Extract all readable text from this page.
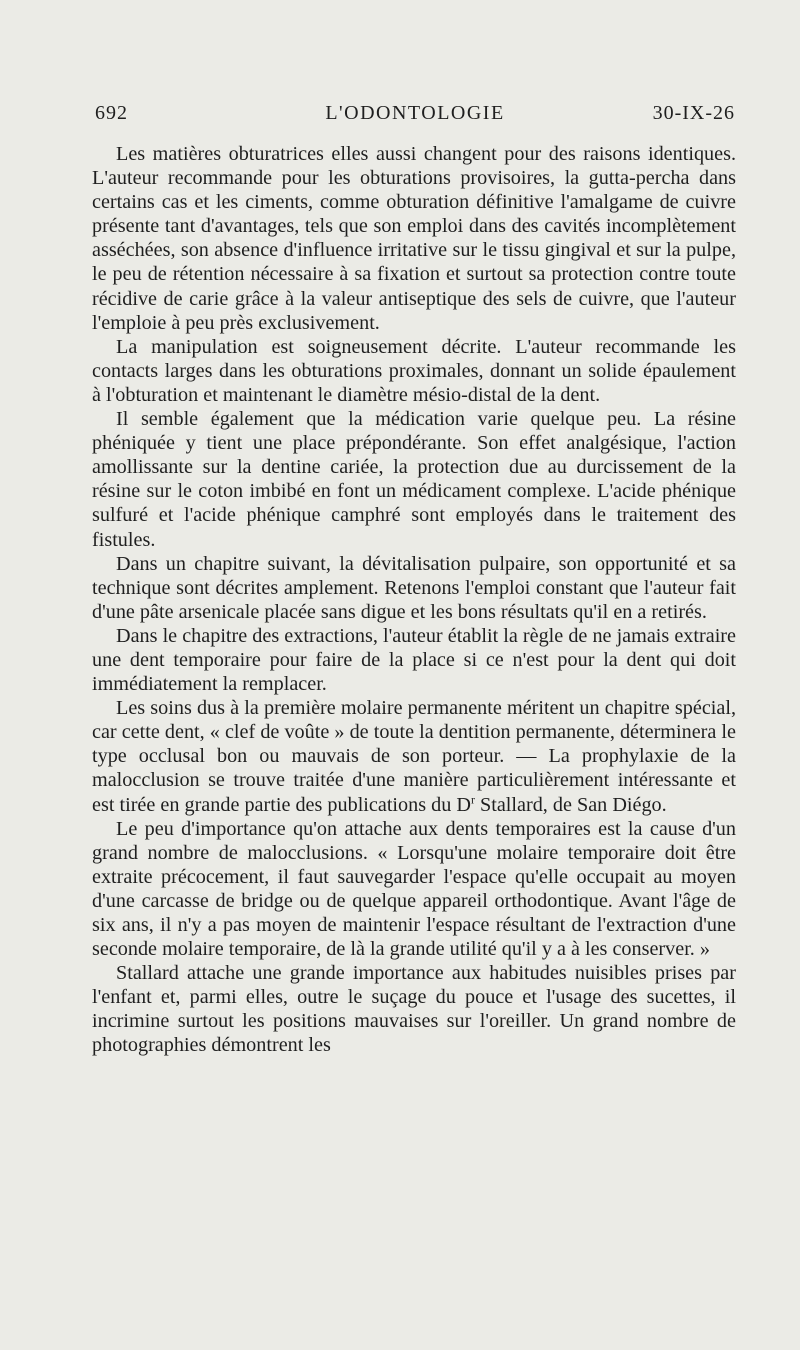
692	L'ODONTOLOGIE	30-IX-26

Les matières obturatrices elles aussi changent pour des raisons identiques. L'auteur recommande pour les obturations provisoires, la gutta-percha dans certains cas et les ciments, comme obturation définitive l'amalgame de cuivre présente tant d'avantages, tels que son emploi dans des cavités incomplètement asséchées, son absence d'influence irritative sur le tissu gingival et sur la pulpe, le peu de rétention nécessaire à sa fixation et surtout sa protection contre toute récidive de carie grâce à la valeur antiseptique des sels de cuivre, que l'auteur l'emploie à peu près exclusivement.

La manipulation est soigneusement décrite. L'auteur recommande les contacts larges dans les obturations proximales, donnant un solide épaulement à l'obturation et maintenant le diamètre mésio-distal de la dent.

Il semble également que la médication varie quelque peu. La résine phéniquée y tient une place prépondérante. Son effet analgésique, l'action amollissante sur la dentine cariée, la protection due au durcissement de la résine sur le coton imbibé en font un médicament complexe. L'acide phénique sulfuré et l'acide phénique camphré sont employés dans le traitement des fistules.

Dans un chapitre suivant, la dévitalisation pulpaire, son opportunité et sa technique sont décrites amplement. Retenons l'emploi constant que l'auteur fait d'une pâte arsenicale placée sans digue et les bons résultats qu'il en a retirés.

Dans le chapitre des extractions, l'auteur établit la règle de ne jamais extraire une dent temporaire pour faire de la place si ce n'est pour la dent qui doit immédiatement la remplacer.

Les soins dus à la première molaire permanente méritent un chapitre spécial, car cette dent, « clef de voûte » de toute la dentition permanente, déterminera le type occlusal bon ou mauvais de son porteur. — La prophylaxie de la malocclusion se trouve traitée d'une manière particulièrement intéressante et est tirée en grande partie des publications du $D^r$ Stallard, de San Diégo.

Le peu d'importance qu'on attache aux dents temporaires est la cause d'un grand nombre de malocclusions. « Lorsqu'une molaire temporaire doit être extraite précocement, il faut sauvegarder l'espace qu'elle occupait au moyen d'une carcasse de bridge ou de quelque appareil orthodontique. Avant l'âge de six ans, il n'y a pas moyen de maintenir l'espace résultant de l'extraction d'une seconde molaire temporaire, de là la grande utilité qu'il y a à les conserver. »

Stallard attache une grande importance aux habitudes nuisibles prises par l'enfant et, parmi elles, outre le suçage du pouce et l'usage des sucettes, il incrimine surtout les positions mauvaises sur l'oreiller. Un grand nombre de photographies démontrent les
